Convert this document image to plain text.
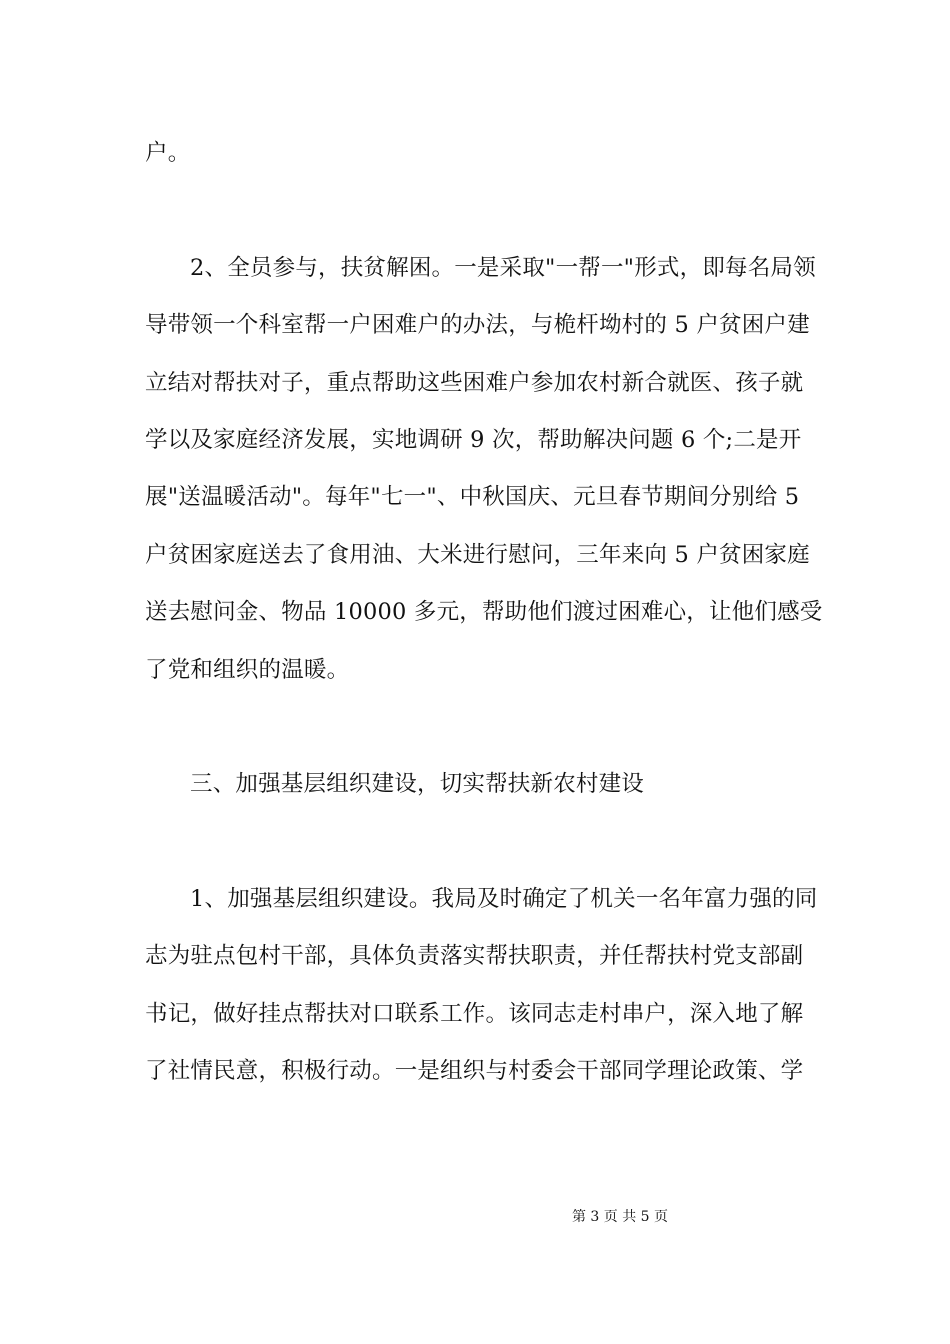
户。
2、全员参与，扶贫解困。一是采取"一帮一"形式，即每名局领
导带领一个科室帮一户困难户的办法，与桅杆坳村的 5 户贫困户建
立结对帮扶对子，重点帮助这些困难户参加农村新合就医、孩子就
学以及家庭经济发展，实地调研 9 次，帮助解决问题 6 个;二是开
展"送温暖活动"。每年"七一"、中秋国庆、元旦春节期间分别给 5
户贫困家庭送去了食用油、大米进行慰问，三年来向 5 户贫困家庭
送去慰问金、物品 10000 多元，帮助他们渡过困难心，让他们感受
了党和组织的温暖。
三、加强基层组织建设，切实帮扶新农村建设
1、加强基层组织建设。我局及时确定了机关一名年富力强的同
志为驻点包村干部，具体负责落实帮扶职责，并任帮扶村党支部副
书记，做好挂点帮扶对口联系工作。该同志走村串户，深入地了解
了社情民意，积极行动。一是组织与村委会干部同学理论政策、学
第 3 页 共 5 页
